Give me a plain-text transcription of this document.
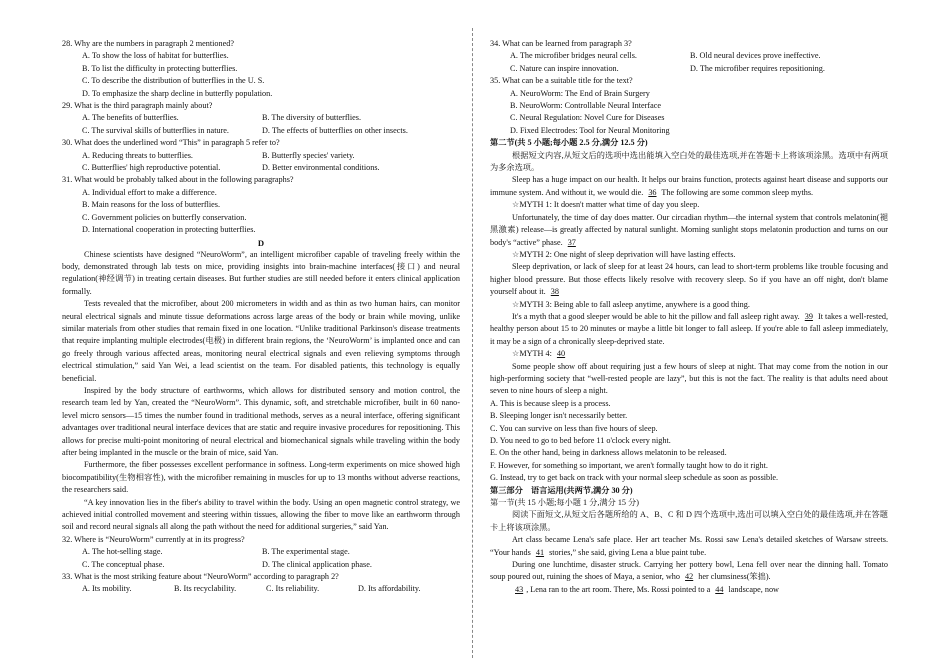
28. Why are the numbers in paragraph 2 mentioned?
A. To show the loss of habitat for butterflies.
B. To list the difficulty in protecting butterflies.
C. To describe the distribution of butterflies in the U. S.
D. To emphasize the sharp decline in butterfly population.
29. What is the third paragraph mainly about?
A. The benefits of butterflies.	B. The diversity of butterflies.
C. The survival skills of butterflies in nature.	D. The effects of butterflies on other insects.
30. What does the underlined word “This” in paragraph 5 refer to?
A. Reducing threats to butterflies.	B. Butterfly species' variety.
C. Butterflies' high reproductive potential.	D. Better environmental conditions.
31. What would be probably talked about in the following paragraphs?
A. Individual effort to make a difference.
B. Main reasons for the loss of butterflies.
C. Government policies on butterfly conservation.
D. International cooperation in protecting butterflies.
D

Chinese scientists have designed “NeuroWorm”, an intelligent microfiber capable of traveling freely within the body, demonstrated through lab tests on mice, providing insights into brain-machine interfaces(接口) and neural regulation(神经调节) in treating certain diseases. But further studies are still needed before it enters clinical application formally.

Tests revealed that the microfiber, about 200 micrometers in width and as thin as two human hairs, can monitor neural electrical signals and minute tissue deformations across large areas of the body or brain while moving, unlike similar materials from other studies that remain fixed in one location. “Unlike traditional Parkinson's disease treatments that require implanting multiple electrodes(电极) in different brain regions, the ‘NeuroWorm’ is implanted once and can go freely through various affected areas, monitoring neural electrical signals and even relieving symptoms through electrical stimulation,” said Yan Wei, a lead scientist on the team. For disabled patients, this technology is equally beneficial.

Inspired by the body structure of earthworms, which allows for distributed sensory and motion control, the research team led by Yan, created the “NeuroWorm”. This dynamic, soft, and stretchable microfiber, built in 60 nano-level micro sensors—15 times the number found in traditional methods, serves as a neural interface, offering significant advantages over traditional neural interface devices that are static and require invasive procedures for repositioning. This allows for precise multi-point monitoring of neural electrical and biomechanical signals while traveling within the body after being implanted in the muscle or the brain of mice, said Yan.

Furthermore, the fiber possesses excellent performance in softness. Long-term experiments on mice showed high biocompatibility(生物相容性), with the microfiber remaining in muscles for up to 13 months without adverse reactions, the researchers said.

“A key innovation lies in the fiber's ability to travel within the body. Using an open magnetic control strategy, we achieved initial controlled movement and steering within tissues, allowing the fiber to move like an earthworm through soil and record neural signals all along the path without the need for additional surgeries,” said Yan.

32. Where is “NeuroWorm” currently at in its progress?
A. The hot-selling stage.	B. The experimental stage.
C. The conceptual phase.	D. The clinical application phase.
33. What is the most striking feature about “NeuroWorm” according to paragraph 2?
A. Its mobility.	B. Its recyclability.	C. Its reliability.	D. Its affordability.
34. What can be learned from paragraph 3?
A. The microfiber bridges neural cells.	B. Old neural devices prove ineffective.
C. Nature can inspire innovation.	D. The microfiber requires repositioning.
35. What can be a suitable title for the text?
A. NeuroWorm: The End of Brain Surgery
B. NeuroWorm: Controllable Neural Interface
C. Neural Regulation: Novel Cure for Diseases
D. Fixed Electrodes: Tool for Neural Monitoring
第二节(共 5 小题;每小题 2.5 分,满分 12.5 分)

根据短文内容,从短文后的选项中选出能填入空白处的最佳选项,并在答题卡上将该项涂黑。选项中有两项为多余选项。

Sleep has a huge impact on our health. It helps our brains function, protects against heart disease and supports our immune system. And without it, we would die. 36 The following are some common sleep myths.

☆MYTH 1: It doesn't matter what time of day you sleep.

Unfortunately, the time of day does matter. Our circadian rhythm—the internal system that controls melatonin(褪黑激素) release—is greatly affected by natural sunlight. Morning sunlight stops melatonin production and turns on our body's “active” phase. 37

☆MYTH 2: One night of sleep deprivation will have lasting effects.

Sleep deprivation, or lack of sleep for at least 24 hours, can lead to short-term problems like trouble focusing and higher blood pressure. But those effects likely resolve with recovery sleep. So if you have an off night, don't blame yourself about it. 38

☆MYTH 3: Being able to fall asleep anytime, anywhere is a good thing.

It's a myth that a good sleeper would be able to hit the pillow and fall asleep right away. 39 It takes a well-rested, healthy person about 15 to 20 minutes or maybe a little bit longer to fall asleep. If you're able to fall asleep immediately, it may be a sign of a chronically sleep-deprived state.

☆MYTH 4: 40

Some people show off about requiring just a few hours of sleep at night. That may come from the notion in our high-performing society that “well-rested people are lazy”, but this is not the fact. The reality is that adults need about seven to nine hours of sleep a night.

A. This is because sleep is a process.
B. Sleeping longer isn't necessarily better.
C. You can survive on less than five hours of sleep.
D. You need to go to bed before 11 o'clock every night.
E. On the other hand, being in darkness allows melatonin to be released.
F. However, for something so important, we aren't formally taught how to do it right.
G. Instead, try to get back on track with your normal sleep schedule as soon as possible.
第三部分　语言运用(共两节,满分 30 分)
第一节(共 15 小题;每小题 1 分,满分 15 分)

阅读下面短文,从短文后各题所给的 A、B、C 和 D 四个选项中,选出可以填入空白处的最佳选项,并在答题卡上将该项涂黑。

Art class became Lena's safe place. Her art teacher Ms. Rossi saw Lena's detailed sketches of Warsaw streets. “Your hands 41 stories,” she said, giving Lena a blue paint tube.

During one lunchtime, disaster struck. Carrying her pottery bowl, Lena fell over near the dinning hall. Tomato soup poured out, ruining the shoes of Maya, a senior, who 42 her clumsiness(笨拙).

43 , Lena ran to the art room. There, Ms. Rossi pointed to a 44 landscape, now
